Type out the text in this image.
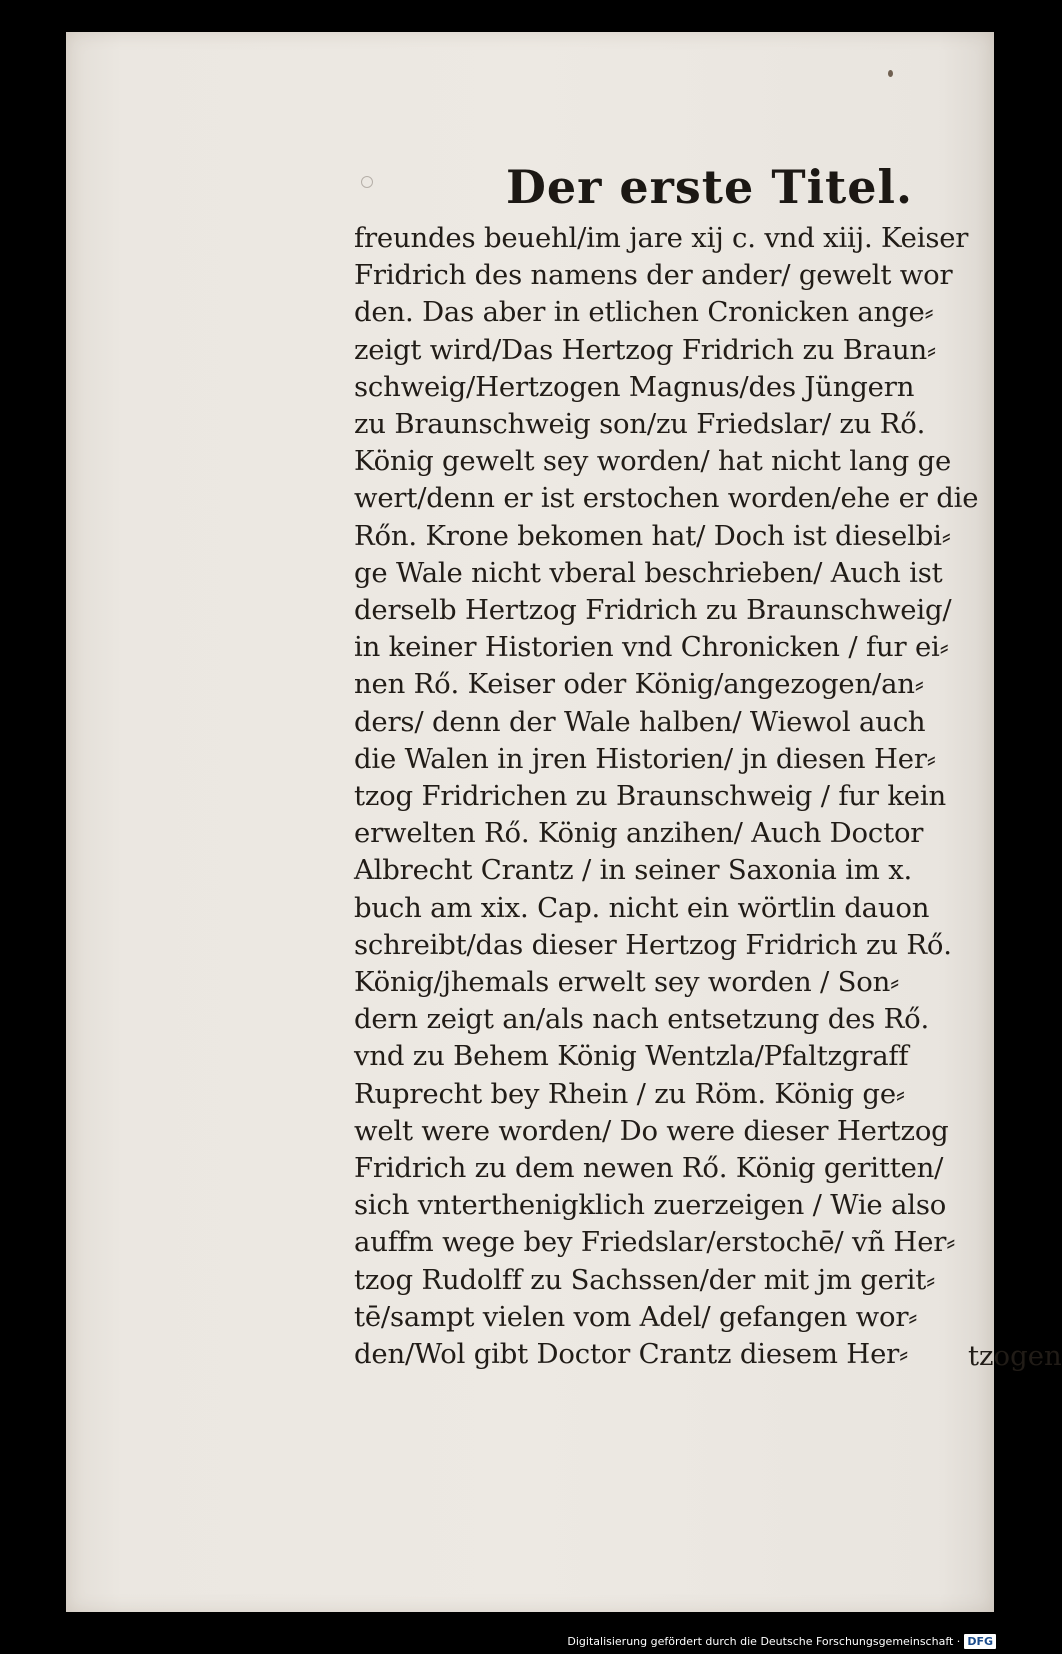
Der erste Titel.
freundes beuehl/im jare xij c. vnd xiij. Keiser
Fridrich des namens der ander/ gewelt wor
den. Das aber in etlichen Cronicken ange⸗
zeigt wird/Das Hertzog Fridrich zu Braun⸗
schweig/Hertzogen Magnus/des Jüngern
zu Braunschweig son/zu Friedslar/ zu Rő.
König gewelt sey worden/ hat nicht lang ge
wert/denn er ist erstochen worden/ehe er die
Rőn. Krone bekomen hat/ Doch ist dieselbi⸗
ge Wale nicht vberal beschrieben/ Auch ist
derselb Hertzog Fridrich zu Braunschweig/
in keiner Historien vnd Chronicken / fur ei⸗
nen Rő. Keiser oder König/angezogen/an⸗
ders/ denn der Wale halben/ Wiewol auch
die Walen in jren Historien/ jn diesen Her⸗
tzog Fridrichen zu Braunschweig / fur kein
erwelten Rő. König anzihen/ Auch Doctor
Albrecht Crantz / in seiner Saxonia im x.
buch am xix. Cap. nicht ein wörtlin dauon
schreibt/das dieser Hertzog Fridrich zu Rő.
König/jhemals erwelt sey worden / Son⸗
dern zeigt an/als nach entsetzung des Rő.
vnd zu Behem König Wentzla/Pfaltzgraff
Ruprecht bey Rhein / zu Röm. König ge⸗
welt were worden/ Do were dieser Hertzog
Fridrich zu dem newen Rő. König geritten/
sich vnterthenigklich zuerzeigen / Wie also
auffm wege bey Friedslar/erstochē/ vñ Her⸗
tzog Rudolff zu Sachssen/der mit jm gerit⸗
tē/sampt vielen vom Adel/ gefangen wor⸗
den/Wol gibt Doctor Crantz diesem Her⸗	tzogen
Digitalisierung gefördert durch die Deutsche Forschungsgemeinschaft · DFG
